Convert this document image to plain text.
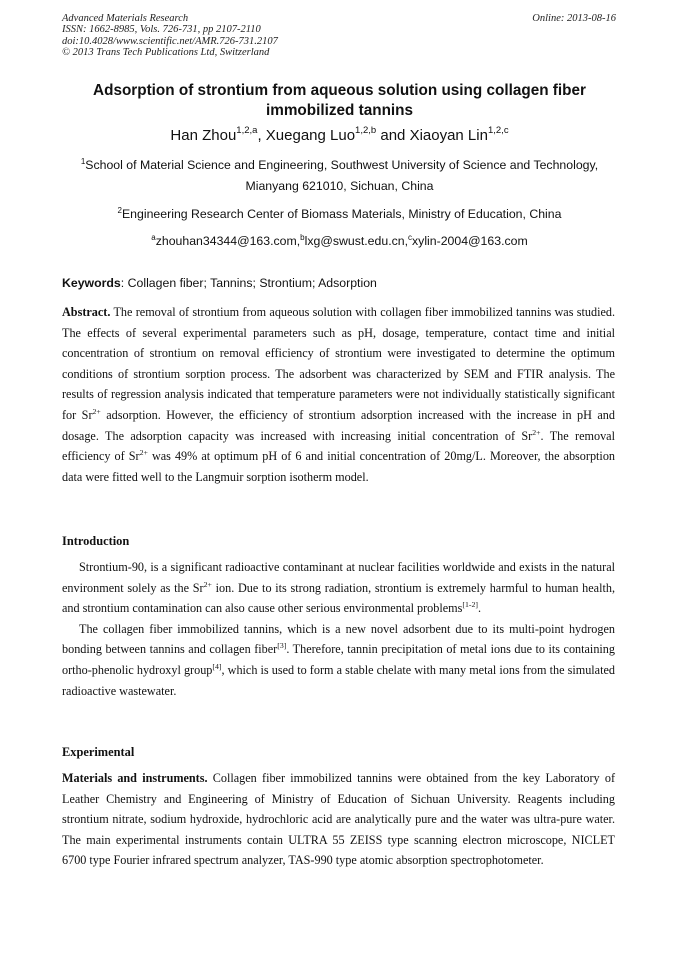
Advanced Materials Research
ISSN: 1662-8985, Vols. 726-731, pp 2107-2110
doi:10.4028/www.scientific.net/AMR.726-731.2107
© 2013 Trans Tech Publications Ltd, Switzerland
Online: 2013-08-16
Adsorption of strontium from aqueous solution using collagen fiber
immobilized tannins
Han Zhou$^{1,2,a}$, Xuegang Luo$^{1,2,b}$ and Xiaoyan Lin$^{1,2,c}$
$^1$School of Material Science and Engineering, Southwest University of Science and Technology,
Mianyang 621010, Sichuan, China
$^2$Engineering Research Center of Biomass Materials, Ministry of Education, China
$^a$zhouhan34344@163.com,$^b$lxg@swust.edu.cn,$^c$xylin-2004@163.com
Keywords: Collagen fiber; Tannins; Strontium; Adsorption
Abstract. The removal of strontium from aqueous solution with collagen fiber immobilized tannins was studied. The effects of several experimental parameters such as pH, dosage, temperature, contact time and initial concentration of strontium on removal efficiency of strontium were investigated to determine the optimum conditions of strontium sorption process. The adsorbent was characterized by SEM and FTIR analysis. The results of regression analysis indicated that temperature parameters were not individually statistically significant for $Sr^{2+}$ adsorption. However, the efficiency of strontium adsorption increased with the increase in pH and dosage. The adsorption capacity was increased with increasing initial concentration of $Sr^{2+}$. The removal efficiency of $Sr^{2+}$ was 49% at optimum pH of 6 and initial concentration of 20mg/L. Moreover, the absorption data were fitted well to the Langmuir sorption isotherm model.
Introduction

Strontium-90, is a significant radioactive contaminant at nuclear facilities worldwide and exists in the natural environment solely as the $Sr^{2+}$ ion. Due to its strong radiation, strontium is extremely harmful to human health, and strontium contamination can also cause other serious environmental problems[1-2].

The collagen fiber immobilized tannins, which is a new novel adsorbent due to its multi-point hydrogen bonding between tannins and collagen fiber[3]. Therefore, tannin precipitation of metal ions due to its containing ortho-phenolic hydroxyl group[4], which is used to form a stable chelate with many metal ions from the simulated radioactive wastewater.

Experimental

Materials and instruments. Collagen fiber immobilized tannins were obtained from the key Laboratory of Leather Chemistry and Engineering of Ministry of Education of Sichuan University. Reagents including strontium nitrate, sodium hydroxide, hydrochloric acid are analytically pure and the water was ultra-pure water. The main experimental instruments contain ULTRA 55 ZEISS type scanning electron microscope, NICLET 6700 type Fourier infrared spectrum analyzer, TAS-990 type atomic absorption spectrophotometer.
